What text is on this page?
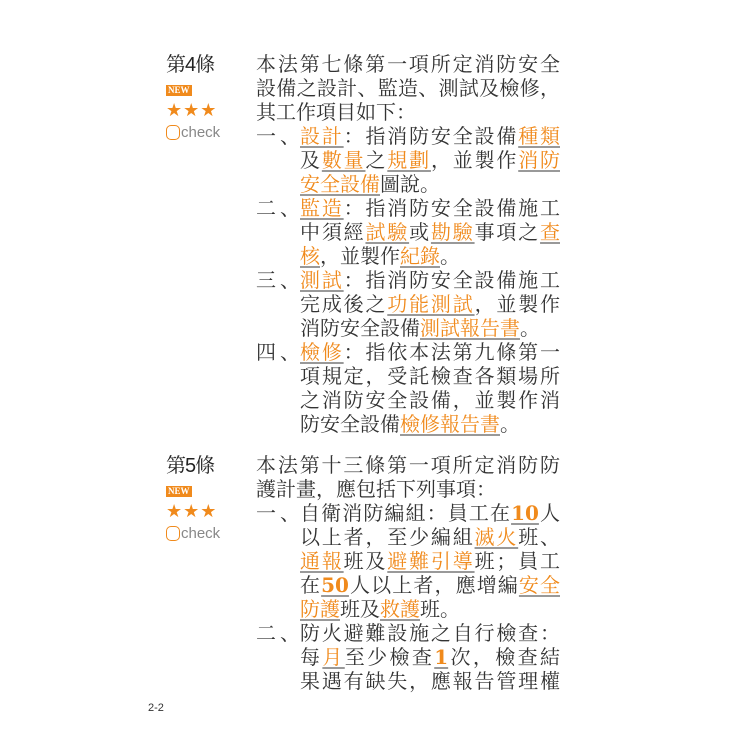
第4條
NEW
★★★
check
本法第七條第一項所定消防安全
設備之設計、監造、測試及檢修，
其工作項目如下：
一、 設計：指消防安全設備種類
及數量之規劃，並製作消防
安全設備圖說。
二、 監造：指消防安全設備施工
中須經試驗或勘驗事項之查
核，並製作紀錄。
三、 測試：指消防安全設備施工
完成後之功能測試，並製作
消防安全設備測試報告書。
四、 檢修：指依本法第九條第一
項規定，受託檢查各類場所
之消防安全設備，並製作消
防安全設備檢修報告書。
第5條
NEW
★★★
check
本法第十三條第一項所定消防防
護計畫，應包括下列事項：
一、 自衛消防編組：員工在10人
以上者，至少編組滅火班、
通報班及避難引導班；員工
在50人以上者，應增編安全
防護班及救護班。
二、 防火避難設施之自行檢查：
每月至少檢查1次，檢查結
果遇有缺失，應報告管理權
2-2
